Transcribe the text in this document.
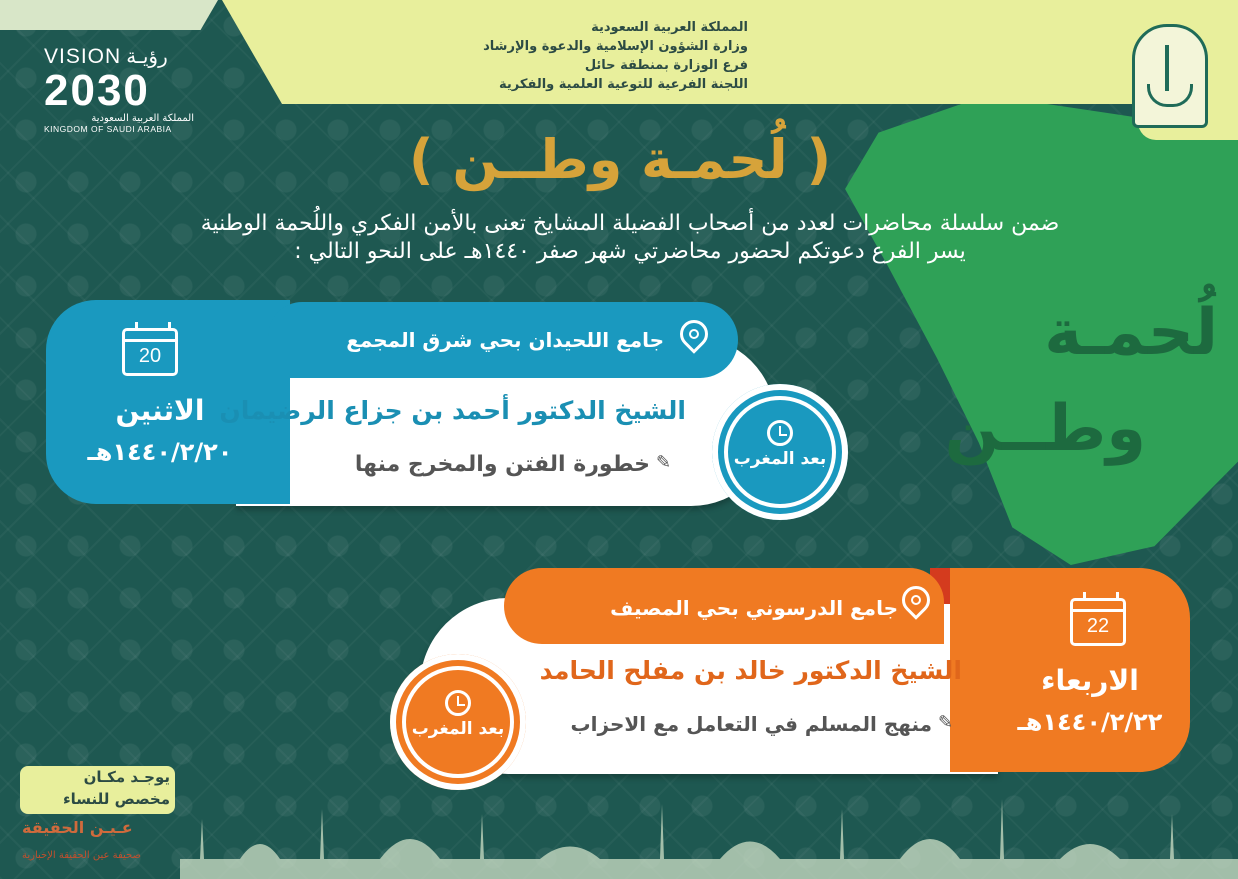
لُحمـة
وطــن
المملكة العربية السعودية
وزارة الشؤون الإسلامية والدعوة والإرشاد
فرع الوزارة بمنطقة حائل
اللجنة الفرعية للتوعية العلمية والفكرية
VISION رؤيـة
2030
المملكة العربية السعودية
KINGDOM OF SAUDI ARABIA	( لُحمـة وطــن )
ضمن سلسلة محاضرات لعدد من أصحاب الفضيلة المشايخ تعنى بالأمن الفكري واللُحمة الوطنية
يسر الفرع دعوتكم لحضور محاضرتي شهر صفر ١٤٤٠هـ على النحو التالي :
20
الاثنين
١٤٤٠/٢/٢٠هـ
جامع اللحيدان بحي شرق المجمع
الشيخ الدكتور أحمد بن جزاع الرضيمان
خطورة الفتن والمخرج منها ✎	بعد المغرب
22
الاربعاء
١٤٤٠/٢/٢٢هـ
جامع الدرسوني بحي المصيف
الشيخ الدكتور خالد بن مفلح الحامد
منهج المسلم في التعامل مع الاحزاب ✎
بعد المغرب
يوجـد مكـان مخصص للنساء
عـيـن الحقيقة
صحيفة عين الحقيقة الإخبارية
